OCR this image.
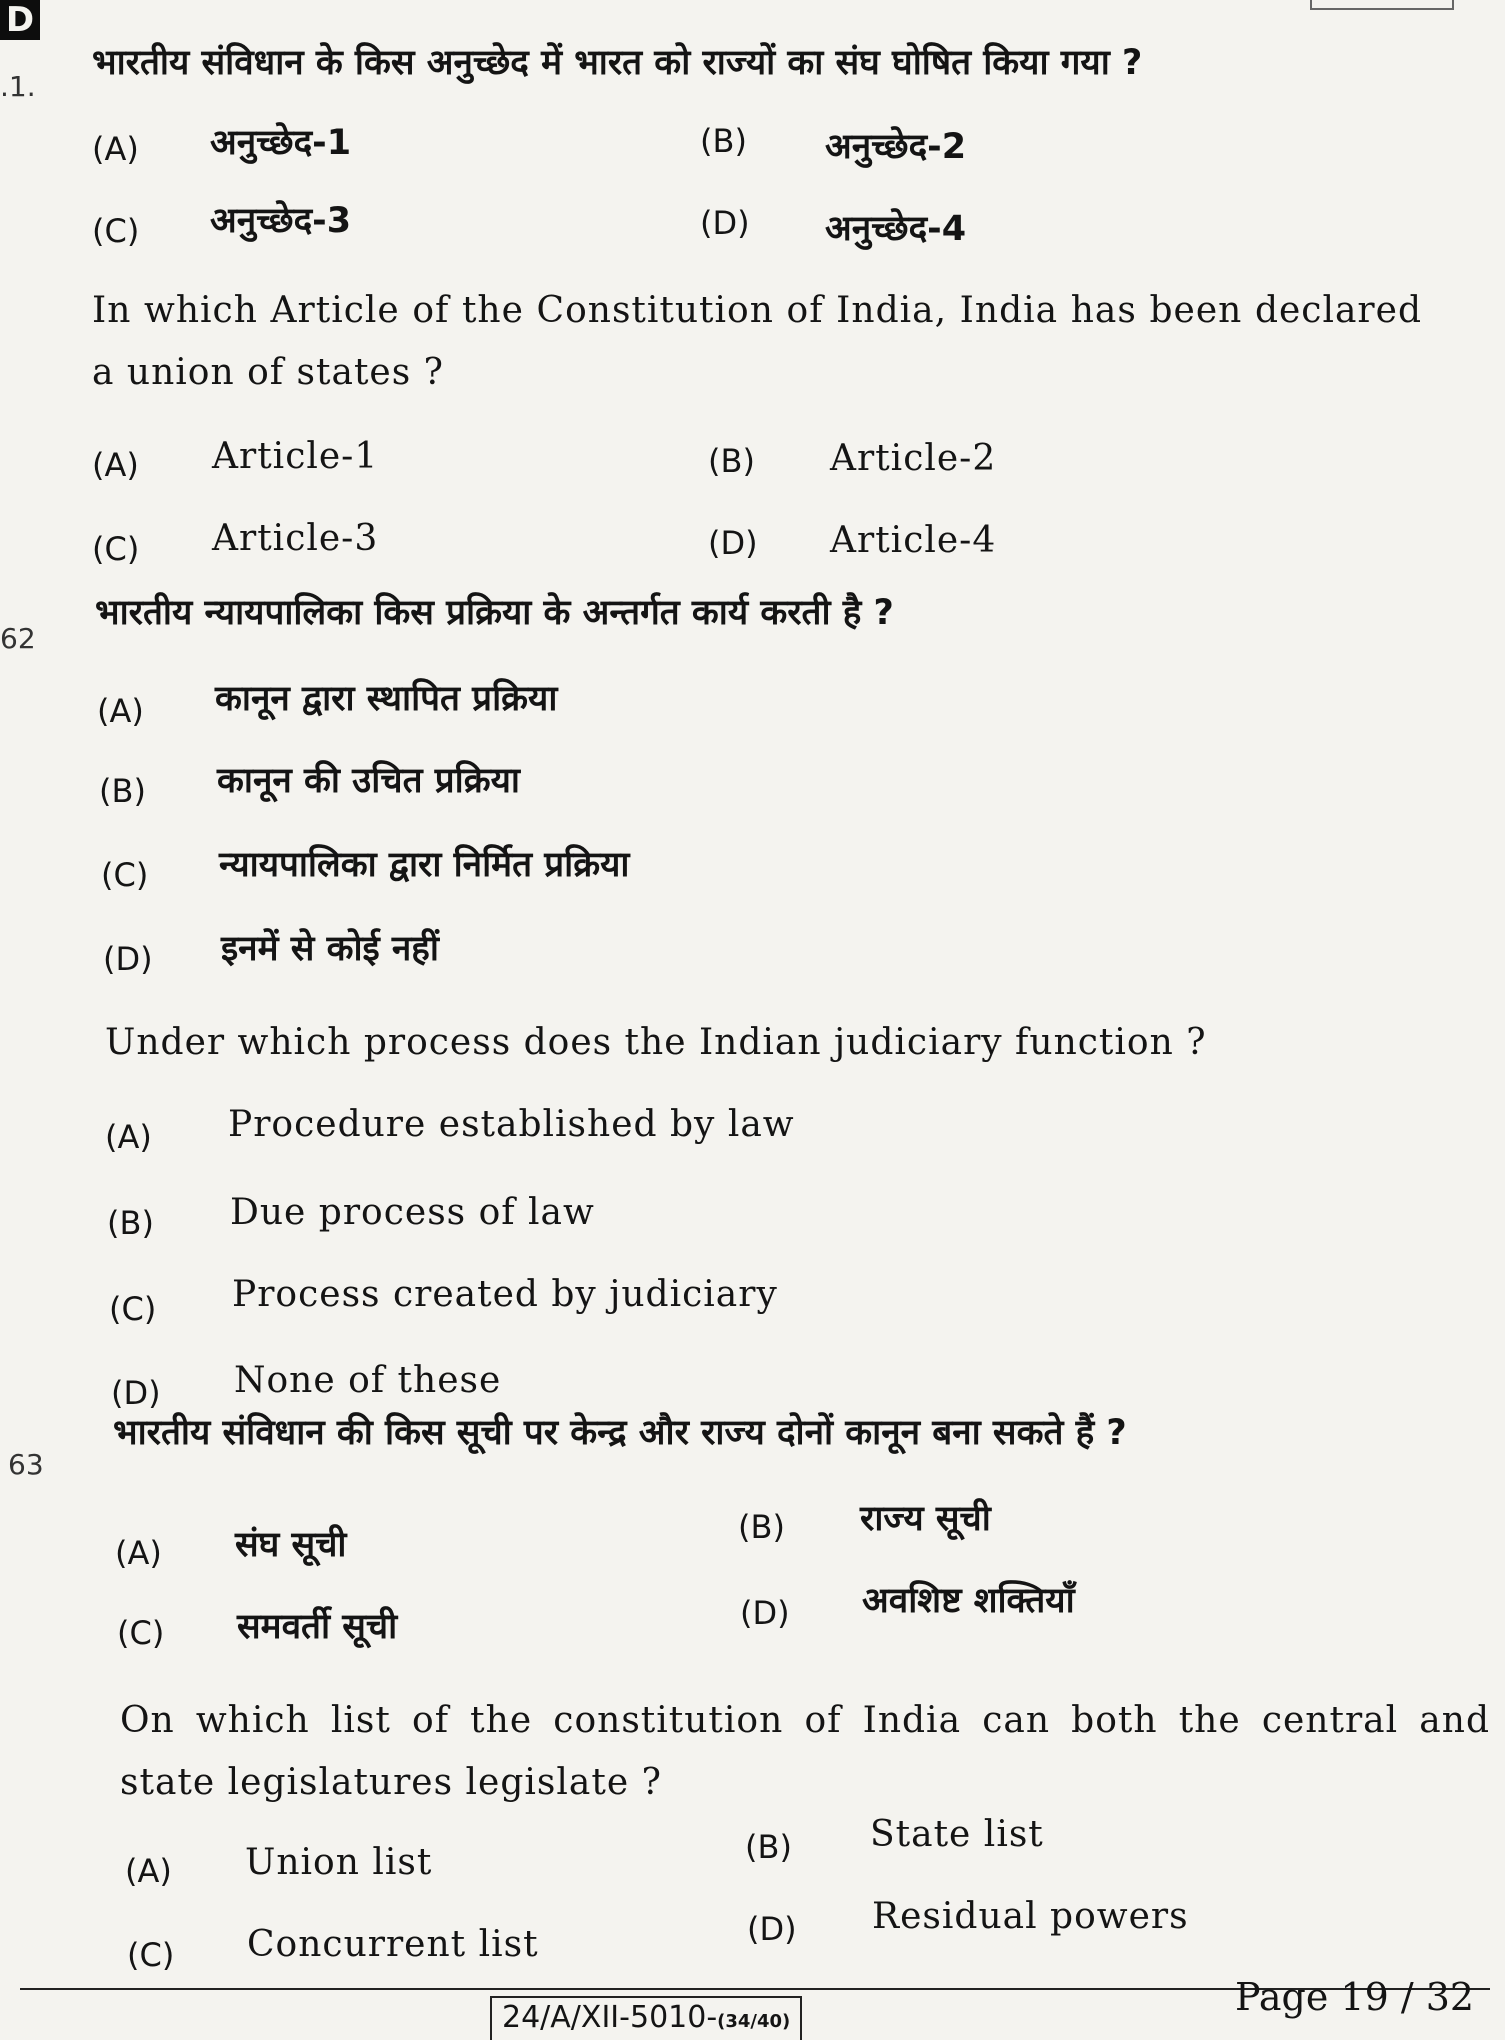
D
.1.
भारतीय संविधान के किस अनुच्छेद में भारत को राज्यों का संघ घोषित किया गया ?
(A) अनुच्छेद-1	(B) अनुच्छेद-2
(C) अनुच्छेद-3	(D) अनुच्छेद-4
In which Article of the Constitution of India, India has been declared a union of states ?
(A) Article-1	(B) Article-2
(C) Article-3	(D) Article-4
62
भारतीय न्यायपालिका किस प्रक्रिया के अन्तर्गत कार्य करती है ?
(A) कानून द्वारा स्थापित प्रक्रिया
(B) कानून की उचित प्रक्रिया
(C) न्यायपालिका द्वारा निर्मित प्रक्रिया
(D) इनमें से कोई नहीं
Under which process does the Indian judiciary function ?
(A) Procedure established by law
(B) Due process of law
(C) Process created by judiciary
(D) None of these
63
भारतीय संविधान की किस सूची पर केन्द्र और राज्य दोनों कानून बना सकते हैं ?
(A) संघ सूची	(B) राज्य सूची
(C) समवर्ती सूची	(D) अवशिष्ट शक्तियाँ
On which list of the constitution of India can both the central and state legislatures legislate ?
(A) Union list	(B) State list
(C) Concurrent list	(D) Residual powers
24/A/XII-5010-(34/40)
Page 19 / 32
